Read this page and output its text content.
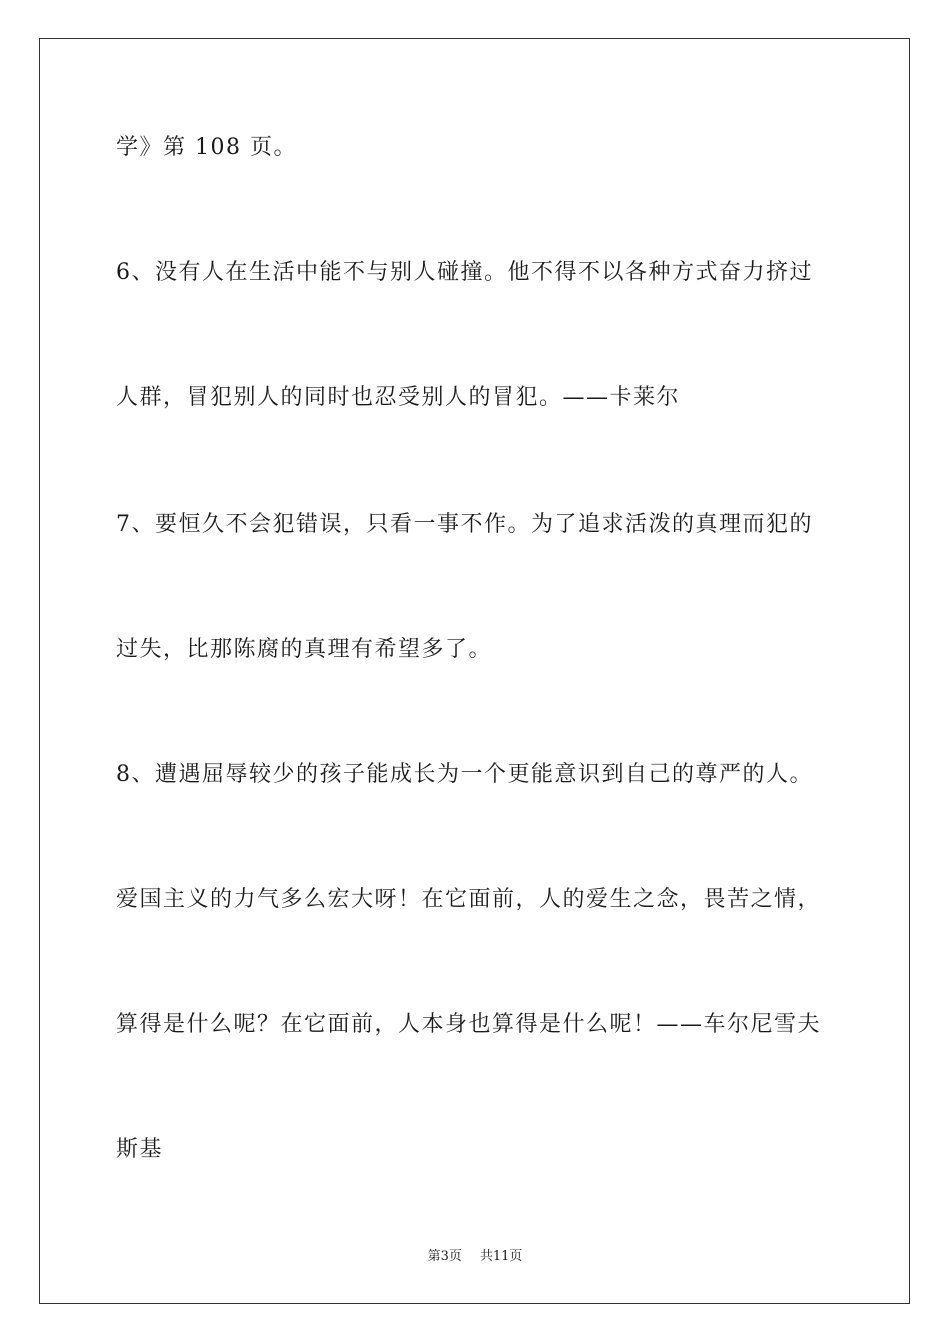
学》第 108 页。
6、没有人在生活中能不与别人碰撞。他不得不以各种方式奋力挤过
人群，冒犯别人的同时也忍受别人的冒犯。——卡莱尔
7、要恒久不会犯错误，只看一事不作。为了追求活泼的真理而犯的
过失，比那陈腐的真理有希望多了。
8、遭遇屈辱较少的孩子能成长为一个更能意识到自己的尊严的人。
爱国主义的力气多么宏大呀！在它面前，人的爱生之念，畏苦之情，
算得是什么呢？在它面前，人本身也算得是什么呢！——车尔尼雪夫
斯基
第3页 共11页
